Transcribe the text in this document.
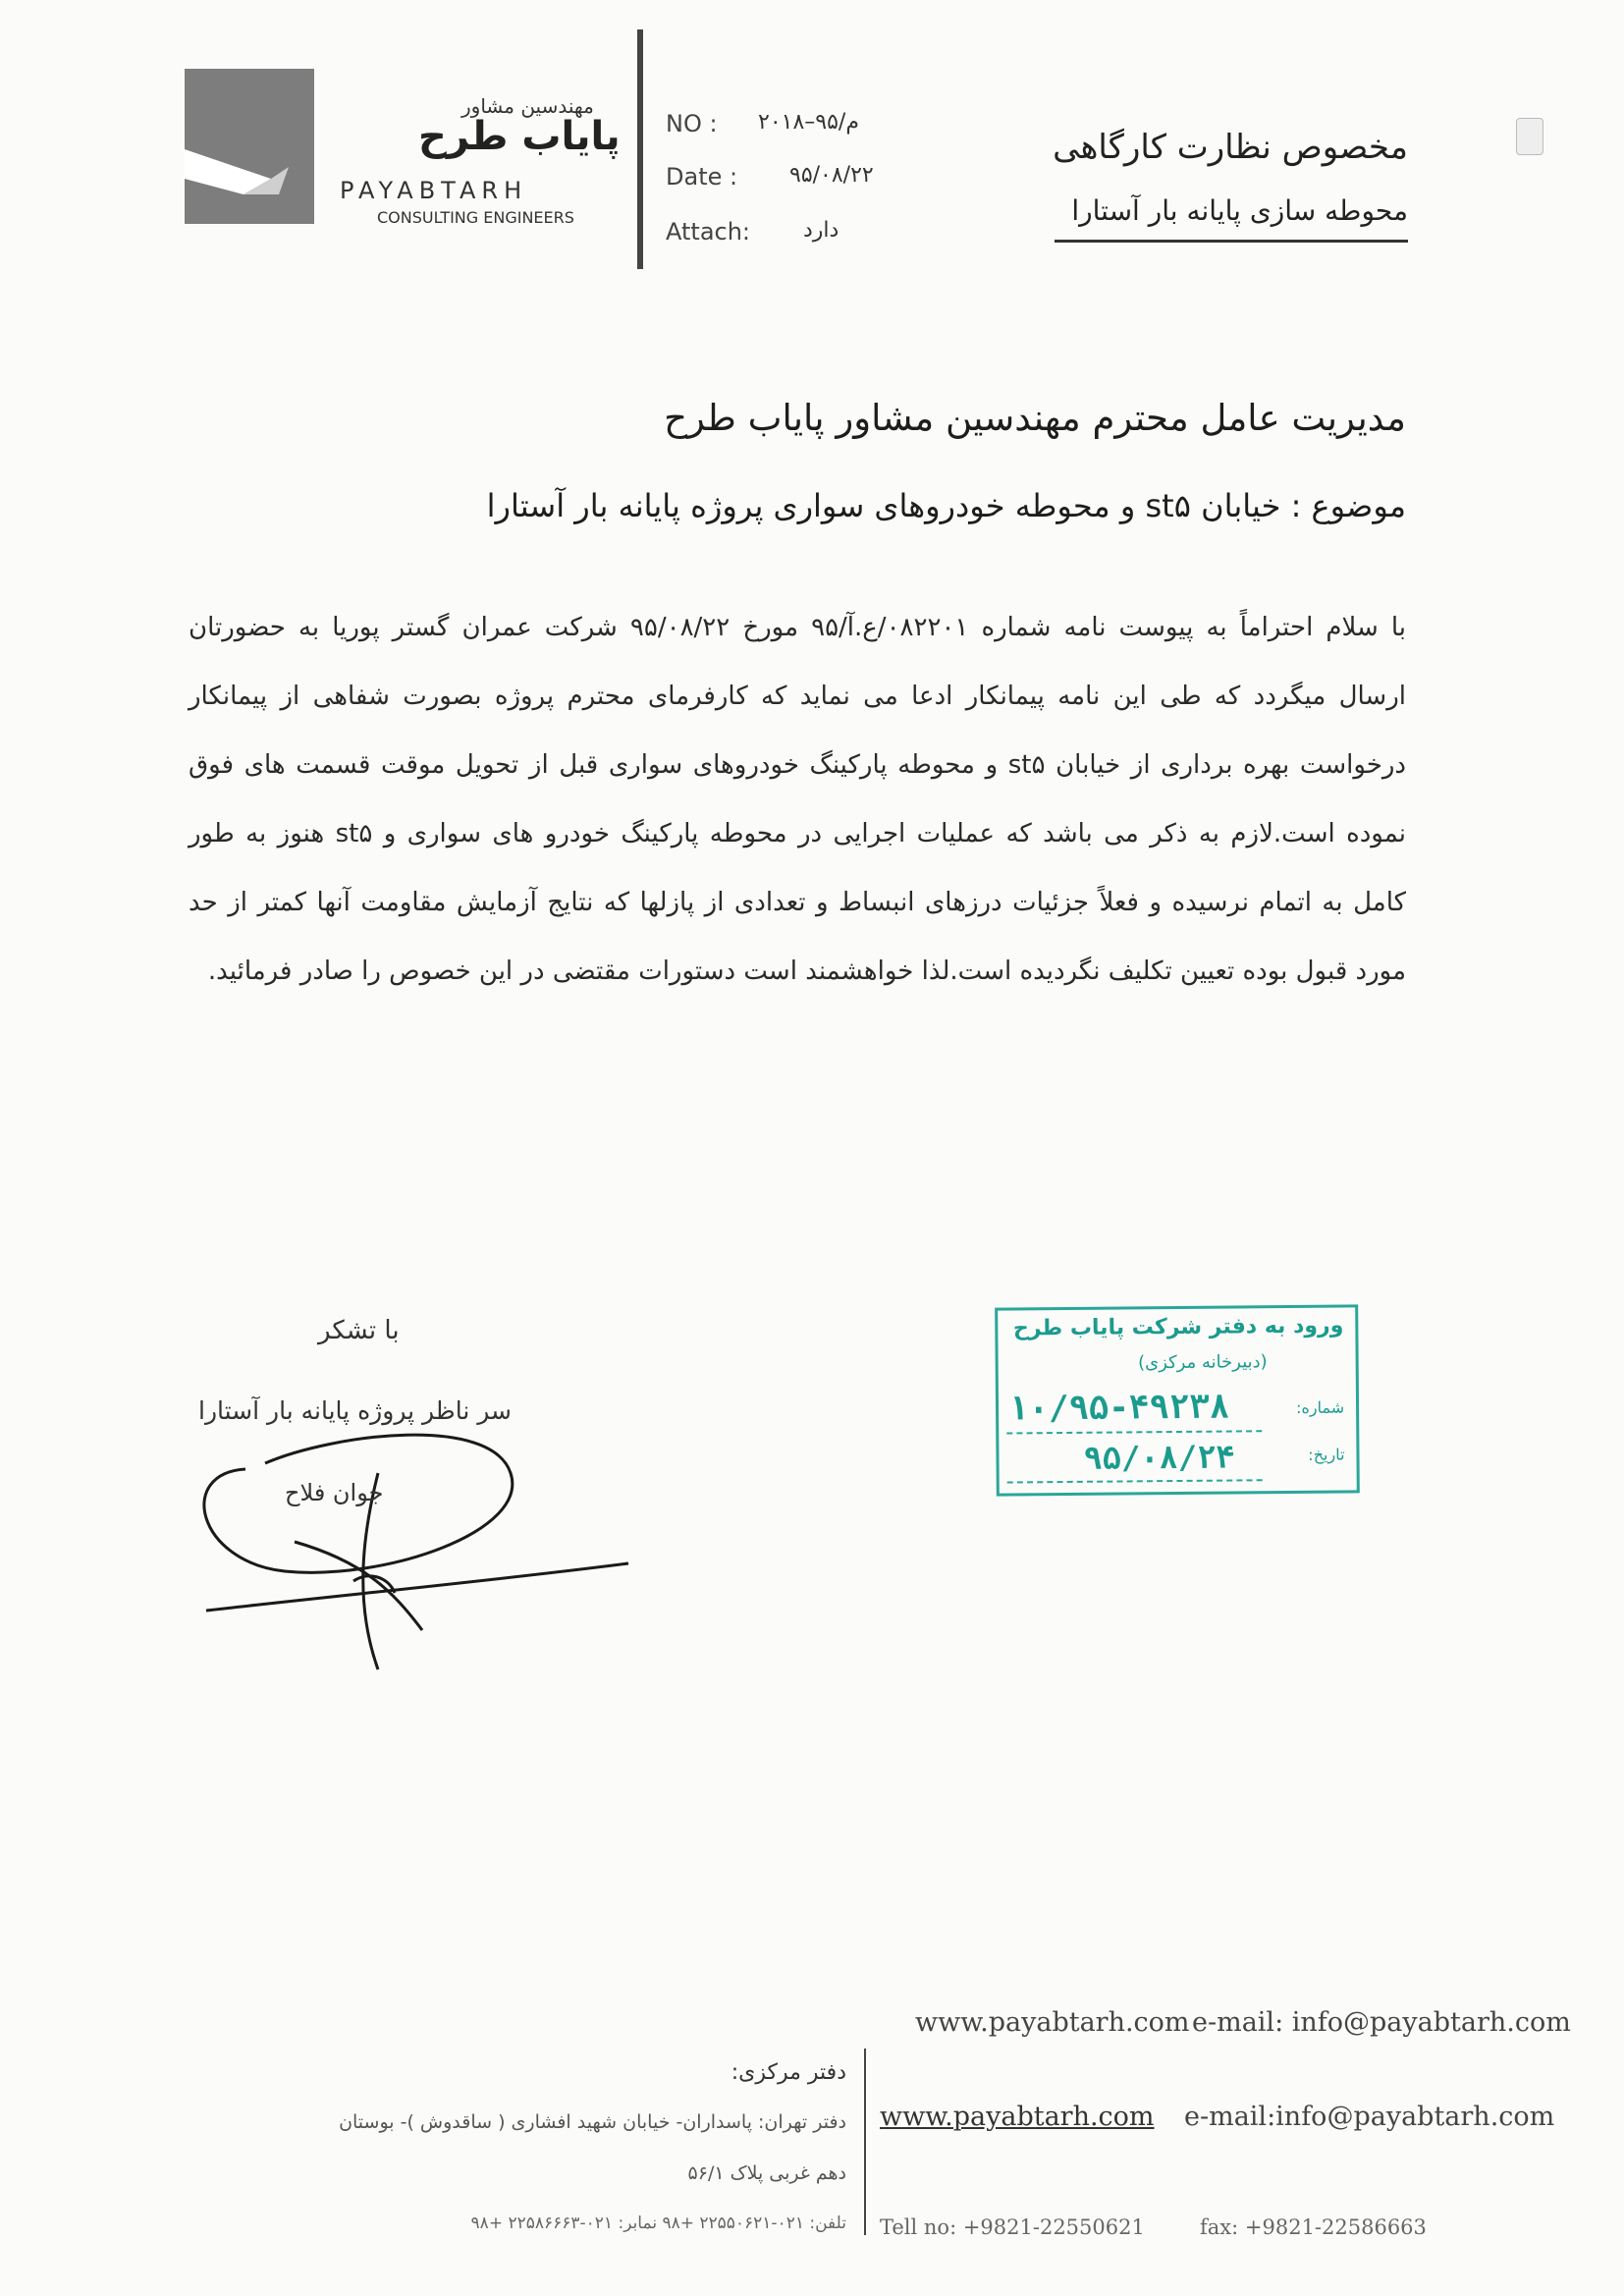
مهندسین مشاور
پایاب طرح
PAYABTARH
CONSULTING ENGINEERS
NO : م/۹۵–۲۰۱۸
Date : ۹۵/۰۸/۲۲
Attach: دارد
مخصوص نظارت کارگاهی
محوطه سازی پایانه بار آستارا
مدیریت عامل محترم مهندسین مشاور پایاب طرح
موضوع : خیابان st۵ و محوطه خودروهای سواری پروژه پایانه بار آستارا
با سلام احتراماً به پیوست نامه شماره ۰۸۲۲۰۱/ع.آ/۹۵ مورخ ۹۵/۰۸/۲۲ شرکت عمران گستر پوریا به حضورتان ارسال میگردد که طی این نامه پیمانکار ادعا می نماید که کارفرمای محترم پروژه بصورت شفاهی از پیمانکار درخواست بهره برداری از خیابان st۵ و محوطه پارکینگ خودروهای سواری قبل از تحویل موقت قسمت های فوق نموده است.لازم به ذکر می باشد که عملیات اجرایی در محوطه پارکینگ خودرو های سواری و st۵ هنوز به طور کامل به اتمام نرسیده و فعلاً جزئیات درزهای انبساط و تعدادی از پازلها که نتایج آزمایش مقاومت آنها کمتر از حد مورد قبول بوده تعیین تکلیف نگردیده است.لذا خواهشمند است دستورات مقتضی در این خصوص را صادر فرمائید.
با تشکر
سر ناظر پروژه پایانه بار آستارا
جوان فلاح
ورود به دفتر شرکت پایاب طرح
(دبیرخانه مرکزی)
شماره:
۱۰/۹۵-۴۹۲۳۸
تاریخ:
۹۵/۰۸/۲۴
www.payabtarh.com e-mail: info@payabtarh.com
دفتر مرکزی:
دفتر تهران: پاسداران- خیابان شهید افشاری ( ساقدوش )- بوستان
دهم غربی پلاک ۵۶/۱
تلفن: ۰۲۱-۲۲۵۵۰۶۲۱ +۹۸ نمابر: ۰۲۱-۲۲۵۸۶۶۶۳ +۹۸
www.payabtarh.com e-mail:info@payabtarh.com
Tell no: +9821-22550621	fax: +9821-22586663
